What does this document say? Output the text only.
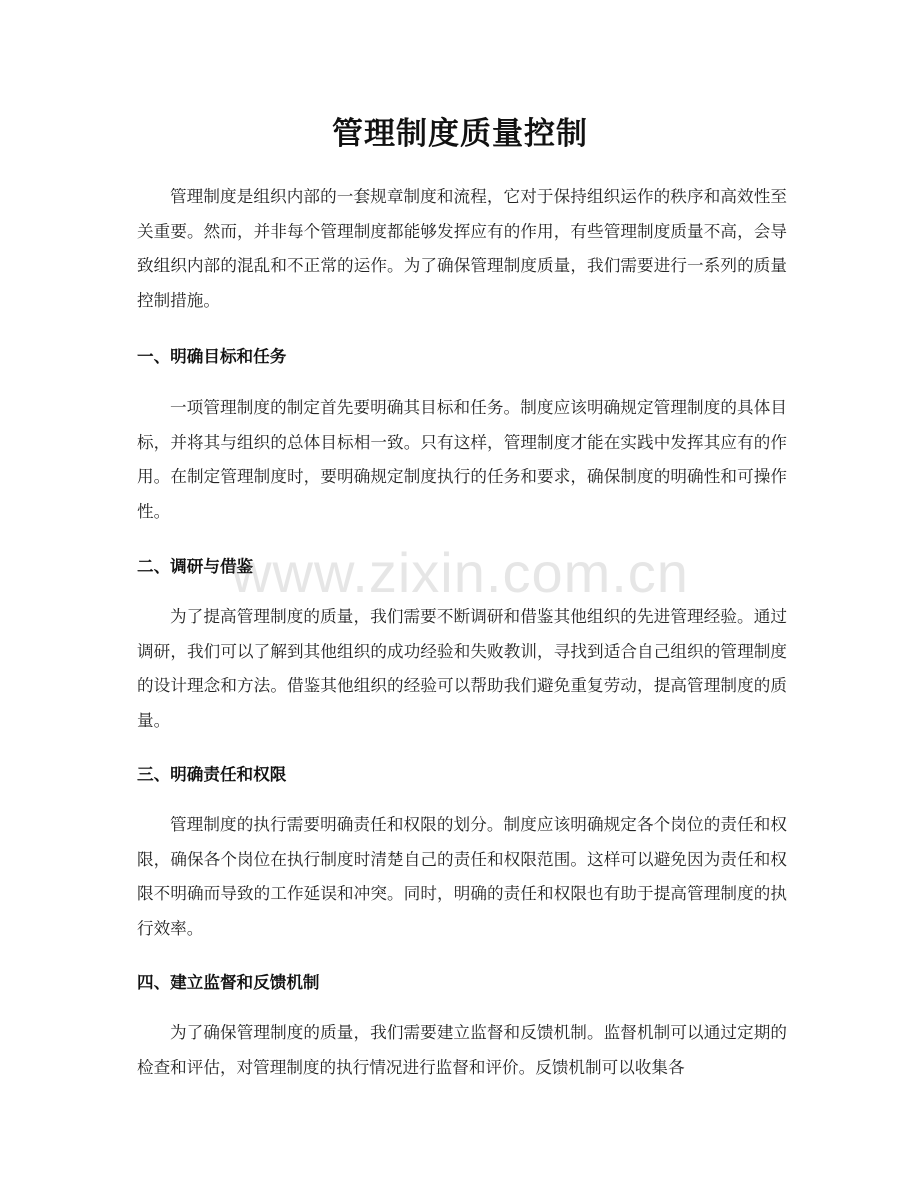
管理制度质量控制

管理制度是组织内部的一套规章制度和流程，它对于保持组织运作的秩序和高效性至关重要。然而，并非每个管理制度都能够发挥应有的作用，有些管理制度质量不高，会导致组织内部的混乱和不正常的运作。为了确保管理制度质量，我们需要进行一系列的质量控制措施。

一、明确目标和任务

一项管理制度的制定首先要明确其目标和任务。制度应该明确规定管理制度的具体目标，并将其与组织的总体目标相一致。只有这样，管理制度才能在实践中发挥其应有的作用。在制定管理制度时，要明确规定制度执行的任务和要求，确保制度的明确性和可操作性。

二、调研与借鉴

为了提高管理制度的质量，我们需要不断调研和借鉴其他组织的先进管理经验。通过调研，我们可以了解到其他组织的成功经验和失败教训，寻找到适合自己组织的管理制度的设计理念和方法。借鉴其他组织的经验可以帮助我们避免重复劳动，提高管理制度的质量。

三、明确责任和权限

管理制度的执行需要明确责任和权限的划分。制度应该明确规定各个岗位的责任和权限，确保各个岗位在执行制度时清楚自己的责任和权限范围。这样可以避免因为责任和权限不明确而导致的工作延误和冲突。同时，明确的责任和权限也有助于提高管理制度的执行效率。

四、建立监督和反馈机制

为了确保管理制度的质量，我们需要建立监督和反馈机制。监督机制可以通过定期的检查和评估，对管理制度的执行情况进行监督和评价。反馈机制可以收集各

www.zixin.com.cn
